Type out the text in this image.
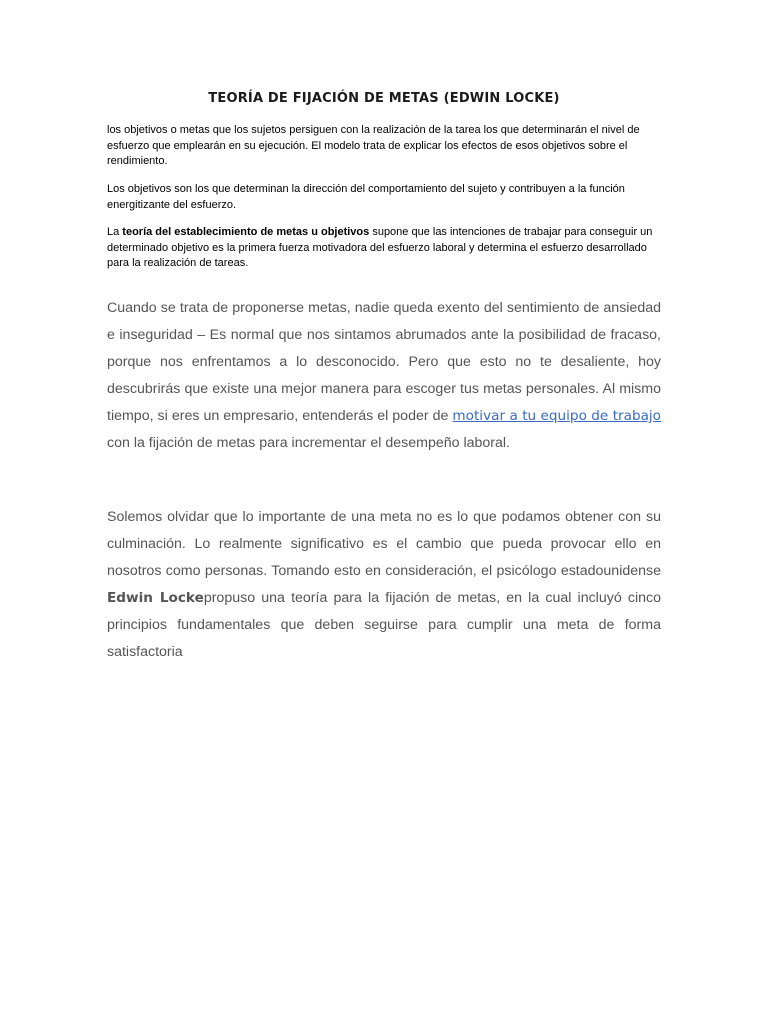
TEORÍA DE FIJACIÓN DE METAS (EDWIN LOCKE)

los objetivos o metas que los sujetos persiguen con la realización de la tarea los que determinarán el nivel de esfuerzo que emplearán en su ejecución. El modelo trata de explicar los efectos de esos objetivos sobre el rendimiento.

Los objetivos son los que determinan la dirección del comportamiento del sujeto y contribuyen a la función energitizante del esfuerzo.

La teoría del establecimiento de metas u objetivos supone que las intenciones de trabajar para conseguir un determinado objetivo es la primera fuerza motivadora del esfuerzo laboral y determina el esfuerzo desarrollado para la realización de tareas.

Cuando se trata de proponerse metas, nadie queda exento del sentimiento de ansiedad e inseguridad – Es normal que nos sintamos abrumados ante la posibilidad de fracaso, porque nos enfrentamos a lo desconocido. Pero que esto no te desaliente, hoy descubrirás que existe una mejor manera para escoger tus metas personales. Al mismo tiempo, si eres un empresario, entenderás el poder de motivar a tu equipo de trabajo con la fijación de metas para incrementar el desempeño laboral.

Solemos olvidar que lo importante de una meta no es lo que podamos obtener con su culminación. Lo realmente significativo es el cambio que pueda provocar ello en nosotros como personas. Tomando esto en consideración, el psicólogo estadounidense Edwin Lockepropuso una teoría para la fijación de metas, en la cual incluyó cinco principios fundamentales que deben seguirse para cumplir una meta de forma satisfactoria
